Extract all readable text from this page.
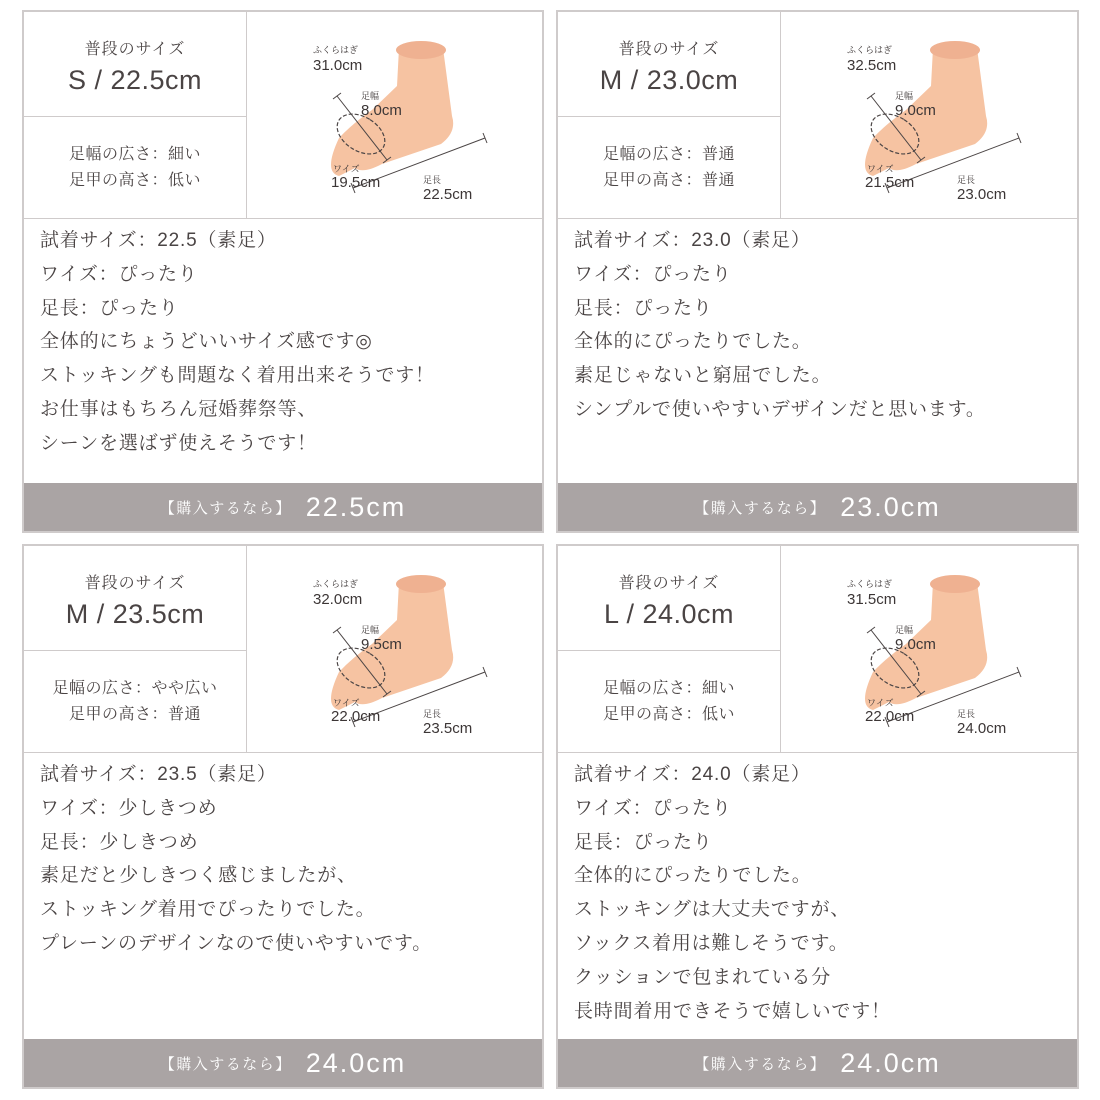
普段のサイズ
S / 22.5cm
足幅の広さ：細い
足甲の高さ：低い
ふくらはぎ
31.0cm
足幅
8.0cm
ワイズ
19.5cm	足長
22.5cm
試着サイズ：22.5（素足）
ワイズ：ぴったり
足長：ぴったり
全体的にちょうどいいサイズ感です◎
ストッキングも問題なく着用出来そうです！
お仕事はもちろん冠婚葬祭等、
シーンを選ばず使えそうです！
【購入するなら】 22.5cm
普段のサイズ
M / 23.0cm
足幅の広さ：普通
足甲の高さ：普通
ふくらはぎ
32.5cm
足幅
9.0cm
ワイズ
21.5cm	足長
23.0cm
試着サイズ：23.0（素足）
ワイズ：ぴったり
足長：ぴったり
全体的にぴったりでした。
素足じゃないと窮屈でした。
シンプルで使いやすいデザインだと思います。
【購入するなら】 23.0cm
普段のサイズ
M / 23.5cm
足幅の広さ：やや広い
足甲の高さ：普通
ふくらはぎ
32.0cm
足幅
9.5cm
ワイズ
22.0cm	足長
23.5cm
試着サイズ：23.5（素足）
ワイズ：少しきつめ
足長：少しきつめ
素足だと少しきつく感じましたが、
ストッキング着用でぴったりでした。
プレーンのデザインなので使いやすいです。
【購入するなら】 24.0cm
普段のサイズ
L / 24.0cm
足幅の広さ：細い
足甲の高さ：低い
ふくらはぎ
31.5cm
足幅
9.0cm
ワイズ
22.0cm	足長
24.0cm
試着サイズ：24.0（素足）
ワイズ：ぴったり
足長：ぴったり
全体的にぴったりでした。
ストッキングは大丈夫ですが、
ソックス着用は難しそうです。
クッションで包まれている分
長時間着用できそうで嬉しいです！
【購入するなら】 24.0cm
